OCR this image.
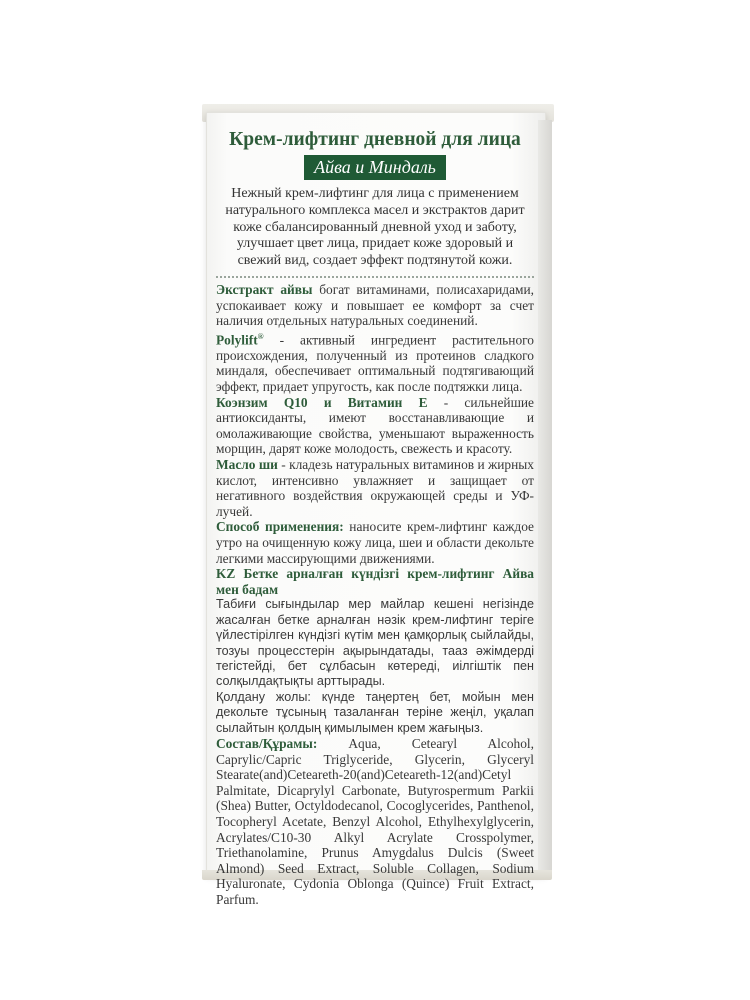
Крем-лифтинг дневной для лица
Айва и Миндаль
Нежный крем-лифтинг для лица с применением натурального комплекса масел и экстрактов дарит коже сбалансированный дневной уход и заботу, улучшает цвет лица, придает коже здоровый и свежий вид, создает эффект подтянутой кожи.

Экстракт айвы богат витаминами, полисахаридами, успокаивает кожу и повышает ее комфорт за счет наличия отдельных натуральных соединений.

Polylift® - активный ингредиент растительного происхождения, полученный из протеинов сладкого миндаля, обеспечивает оптимальный подтягивающий эффект, придает упругость, как после подтяжки лица.

Коэнзим Q10 и Витамин Е - сильнейшие антиоксиданты, имеют восстанавливающие и омолаживающие свойства, уменьшают выраженность морщин, дарят коже молодость, свежесть и красоту.

Масло ши - кладезь натуральных витаминов и жирных кислот, интенсивно увлажняет и защищает от негативного воздействия окружающей среды и УФ-лучей.

Способ применения: наносите крем-лифтинг каждое утро на очищенную кожу лица, шеи и области декольте легкими массирующими движениями.

KZ Бетке арналған күндізгі крем-лифтинг Айва мен бадам

Табиғи сығындылар мер майлар кешені негізінде жасалған бетке арналған нәзік крем-лифтинг теріге үйлестірілген күндізгі күтім мен қамқорлық сыйлайды, тозуы процесстерін ақырындатады, тааз әжімдерді тегістейді, бет сұлбасын көтереді, иілгіштік пен солқылдақтықты арттырады.

Қолдану жолы: күнде таңертең бет, мойын мен декольте тұсының тазаланған теріне жеңіл, уқалап сылайтын қолдың қимылымен крем жағыңыз.

Состав/Құрамы: Aqua, Cetearyl Alcohol, Caprylic/Capric Triglyceride, Glycerin, Glyceryl Stearate(and)Ceteareth-20(and)Ceteareth-12(and)Cetyl Palmitate, Dicaprylyl Carbonate, Butyrospermum Parkii (Shea) Butter, Octyldodecanol, Cocoglycerides, Panthenol, Tocopheryl Acetate, Benzyl Alcohol, Ethylhexylglycerin, Acrylates/C10-30 Alkyl Acrylate Crosspolymer, Triethanolamine, Prunus Amygdalus Dulcis (Sweet Almond) Seed Extract, Soluble Collagen, Sodium Hyaluronate, Cydonia Oblonga (Quince) Fruit Extract, Parfum.
